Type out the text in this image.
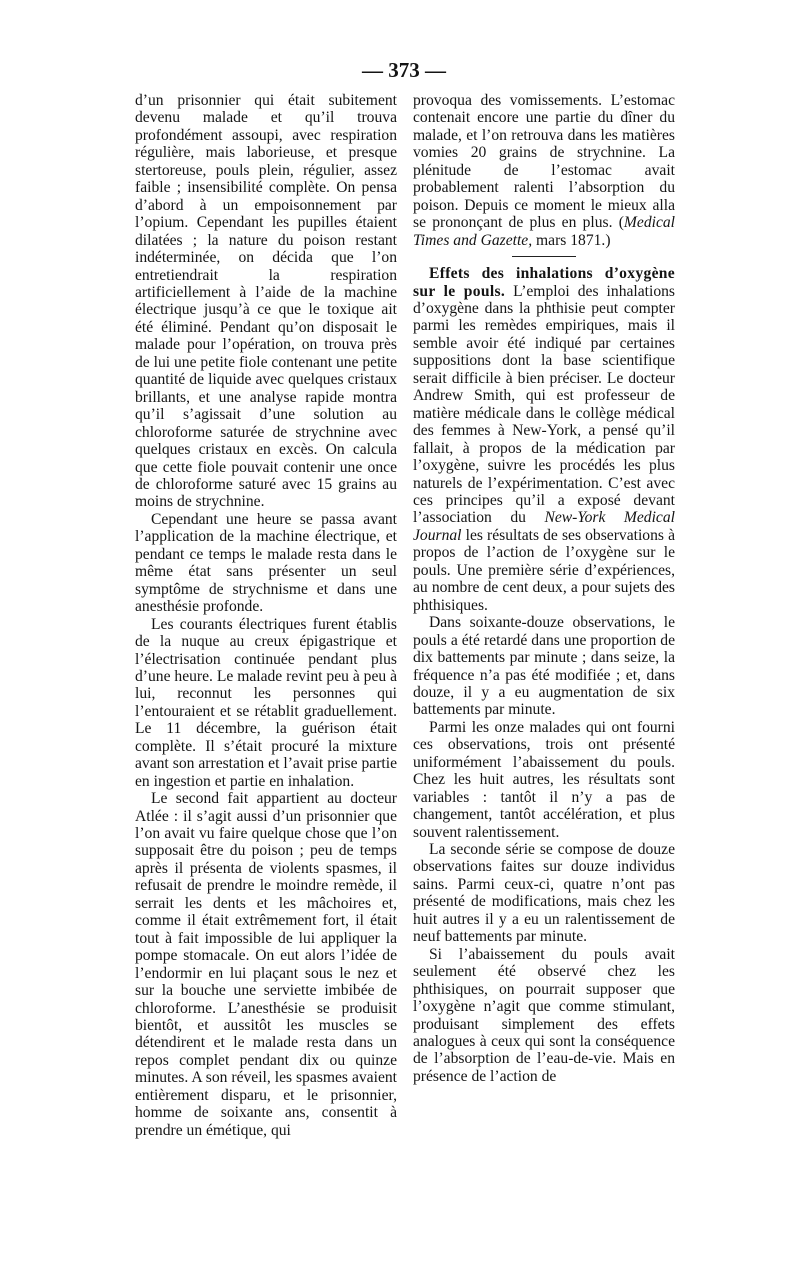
— 373 —

d’un prisonnier qui était subitement devenu malade et qu’il trouva profondément assoupi, avec respiration régulière, mais laborieuse, et presque stertoreuse, pouls plein, régulier, assez faible ; insensibilité complète. On pensa d’abord à un empoisonnement par l’opium. Cependant les pupilles étaient dilatées ; la nature du poison restant indéterminée, on décida que l’on entretiendrait la respiration artificiellement à l’aide de la machine électrique jusqu’à ce que le toxique ait été éliminé. Pendant qu’on disposait le malade pour l’opération, on trouva près de lui une petite fiole contenant une petite quantité de liquide avec quelques cristaux brillants, et une analyse rapide montra qu’il s’agissait d’une solution au chloroforme saturée de strychnine avec quelques cristaux en excès. On calcula que cette fiole pouvait contenir une once de chloroforme saturé avec 15 grains au moins de strychnine.

Cependant une heure se passa avant l’application de la machine électrique, et pendant ce temps le malade resta dans le même état sans présenter un seul symptôme de strychnisme et dans une anesthésie profonde.

Les courants électriques furent établis de la nuque au creux épigastrique et l’électrisation continuée pendant plus d’une heure. Le malade revint peu à peu à lui, reconnut les personnes qui l’entouraient et se rétablit graduellement. Le 11 décembre, la guérison était complète. Il s’était procuré la mixture avant son arrestation et l’avait prise partie en ingestion et partie en inhalation.

Le second fait appartient au docteur Atlée : il s’agit aussi d’un prisonnier que l’on avait vu faire quelque chose que l’on supposait être du poison ; peu de temps après il présenta de violents spasmes, il refusait de prendre le moindre remède, il serrait les dents et les mâchoires et, comme il était extrêmement fort, il était tout à fait impossible de lui appliquer la pompe stomacale. On eut alors l’idée de l’endormir en lui plaçant sous le nez et sur la bouche une serviette imbibée de chloroforme. L’anesthésie se produisit bientôt, et aussitôt les muscles se détendirent et le malade resta dans un repos complet pendant dix ou quinze minutes. A son réveil, les spasmes avaient entièrement disparu, et le prisonnier, homme de soixante ans, consentit à prendre un émétique, qui

provoqua des vomissements. L’estomac contenait encore une partie du dîner du malade, et l’on retrouva dans les matières vomies 20 grains de strychnine. La plénitude de l’estomac avait probablement ralenti l’absorption du poison. Depuis ce moment le mieux alla se prononçant de plus en plus. (Medical Times and Gazette, mars 1871.)

Effets des inhalations d’oxygène sur le pouls. L’emploi des inhalations d’oxygène dans la phthisie peut compter parmi les remèdes empiriques, mais il semble avoir été indiqué par certaines suppositions dont la base scientifique serait difficile à bien préciser. Le docteur Andrew Smith, qui est professeur de matière médicale dans le collège médical des femmes à New-York, a pensé qu’il fallait, à propos de la médication par l’oxygène, suivre les procédés les plus naturels de l’expérimentation. C’est avec ces principes qu’il a exposé devant l’association du New-York Medical Journal les résultats de ses observations à propos de l’action de l’oxygène sur le pouls. Une première série d’expériences, au nombre de cent deux, a pour sujets des phthisiques.

Dans soixante-douze observations, le pouls a été retardé dans une proportion de dix battements par minute ; dans seize, la fréquence n’a pas été modifiée ; et, dans douze, il y a eu augmentation de six battements par minute.

Parmi les onze malades qui ont fourni ces observations, trois ont présenté uniformément l’abaissement du pouls. Chez les huit autres, les résultats sont variables : tantôt il n’y a pas de changement, tantôt accélération, et plus souvent ralentissement.

La seconde série se compose de douze observations faites sur douze individus sains. Parmi ceux-ci, quatre n’ont pas présenté de modifications, mais chez les huit autres il y a eu un ralentissement de neuf battements par minute.

Si l’abaissement du pouls avait seulement été observé chez les phthisiques, on pourrait supposer que l’oxygène n’agit que comme stimulant, produisant simplement des effets analogues à ceux qui sont la conséquence de l’absorption de l’eau-de-vie. Mais en présence de l’action de
